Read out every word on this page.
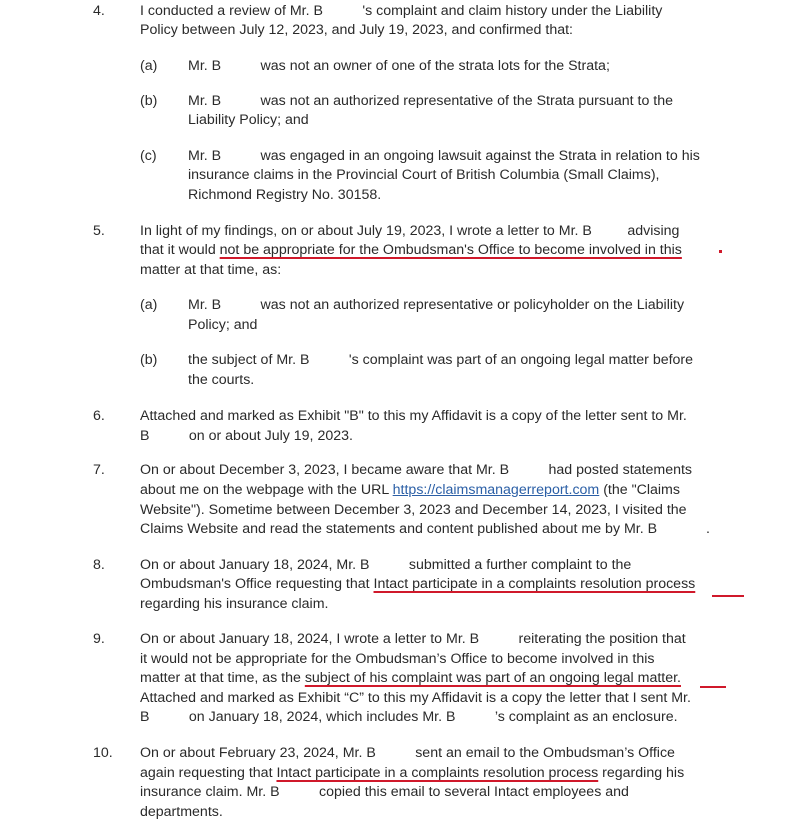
4. I conducted a review of Mr. B          's complaint and claim history under the Liability
Policy between July 12, 2023, and July 19, 2023, and confirmed that:
(a) Mr. B          was not an owner of one of the strata lots for the Strata;
(b) Mr. B          was not an authorized representative of the Strata pursuant to the
Liability Policy; and
(c) Mr. B          was engaged in an ongoing lawsuit against the Strata in relation to his
insurance claims in the Provincial Court of British Columbia (Small Claims),
Richmond Registry No. 30158.
5. In light of my findings, on or about July 19, 2023, I wrote a letter to Mr. B         advising
that it would not be appropriate for the Ombudsman's Office to become involved in this
matter at that time, as:
(a) Mr. B          was not an authorized representative or policyholder on the Liability
Policy; and
(b) the subject of Mr. B          's complaint was part of an ongoing legal matter before
the courts.
6. Attached and marked as Exhibit "B" to this my Affidavit is a copy of the letter sent to Mr.
B          on or about July 19, 2023.
7. On or about December 3, 2023, I became aware that Mr. B          had posted statements
about me on the webpage with the URL https://claimsmanagerreport.com (the "Claims
Website"). Sometime between December 3, 2023 and December 14, 2023, I visited the
Claims Website and read the statements and content published about me by Mr. B	.
8. On or about January 18, 2024, Mr. B          submitted a further complaint to the
Ombudsman's Office requesting that Intact participate in a complaints resolution process
regarding his insurance claim.
9. On or about January 18, 2024, I wrote a letter to Mr. B          reiterating the position that
it would not be appropriate for the Ombudsman’s Office to become involved in this
matter at that time, as the subject of his complaint was part of an ongoing legal matter.
Attached and marked as Exhibit “C” to this my Affidavit is a copy the letter that I sent Mr.
B          on January 18, 2024, which includes Mr. B          ’s complaint as an enclosure.
10. On or about February 23, 2024, Mr. B          sent an email to the Ombudsman’s Office
again requesting that Intact participate in a complaints resolution process regarding his
insurance claim. Mr. B          copied this email to several Intact employees and
departments.
